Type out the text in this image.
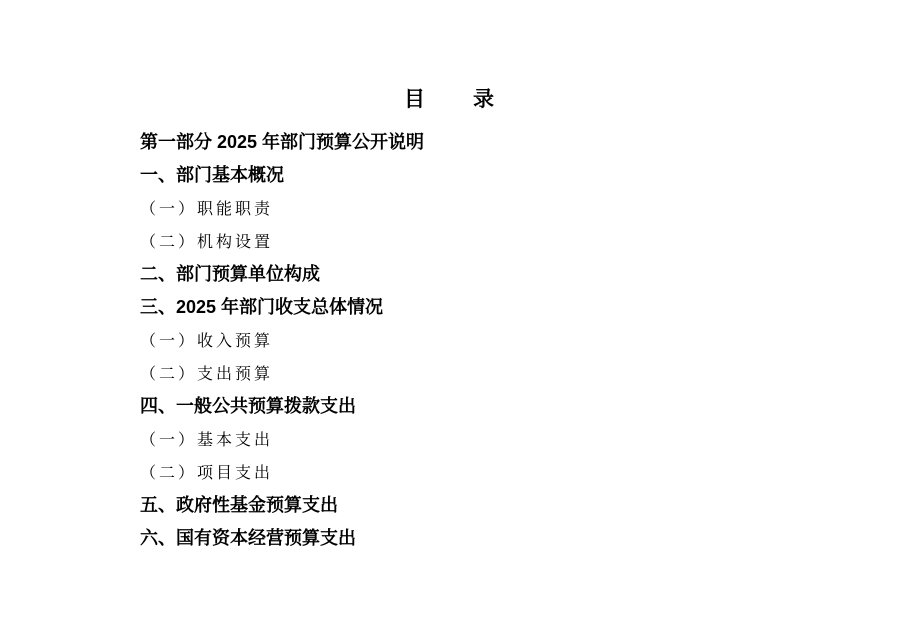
目　　录
第一部分 2025 年部门预算公开说明
一、部门基本概况
（一）职能职责
（二）机构设置
二、部门预算单位构成
三、2025 年部门收支总体情况
（一）收入预算
（二）支出预算
四、一般公共预算拨款支出
（一）基本支出
（二）项目支出
五、政府性基金预算支出
六、国有资本经营预算支出
